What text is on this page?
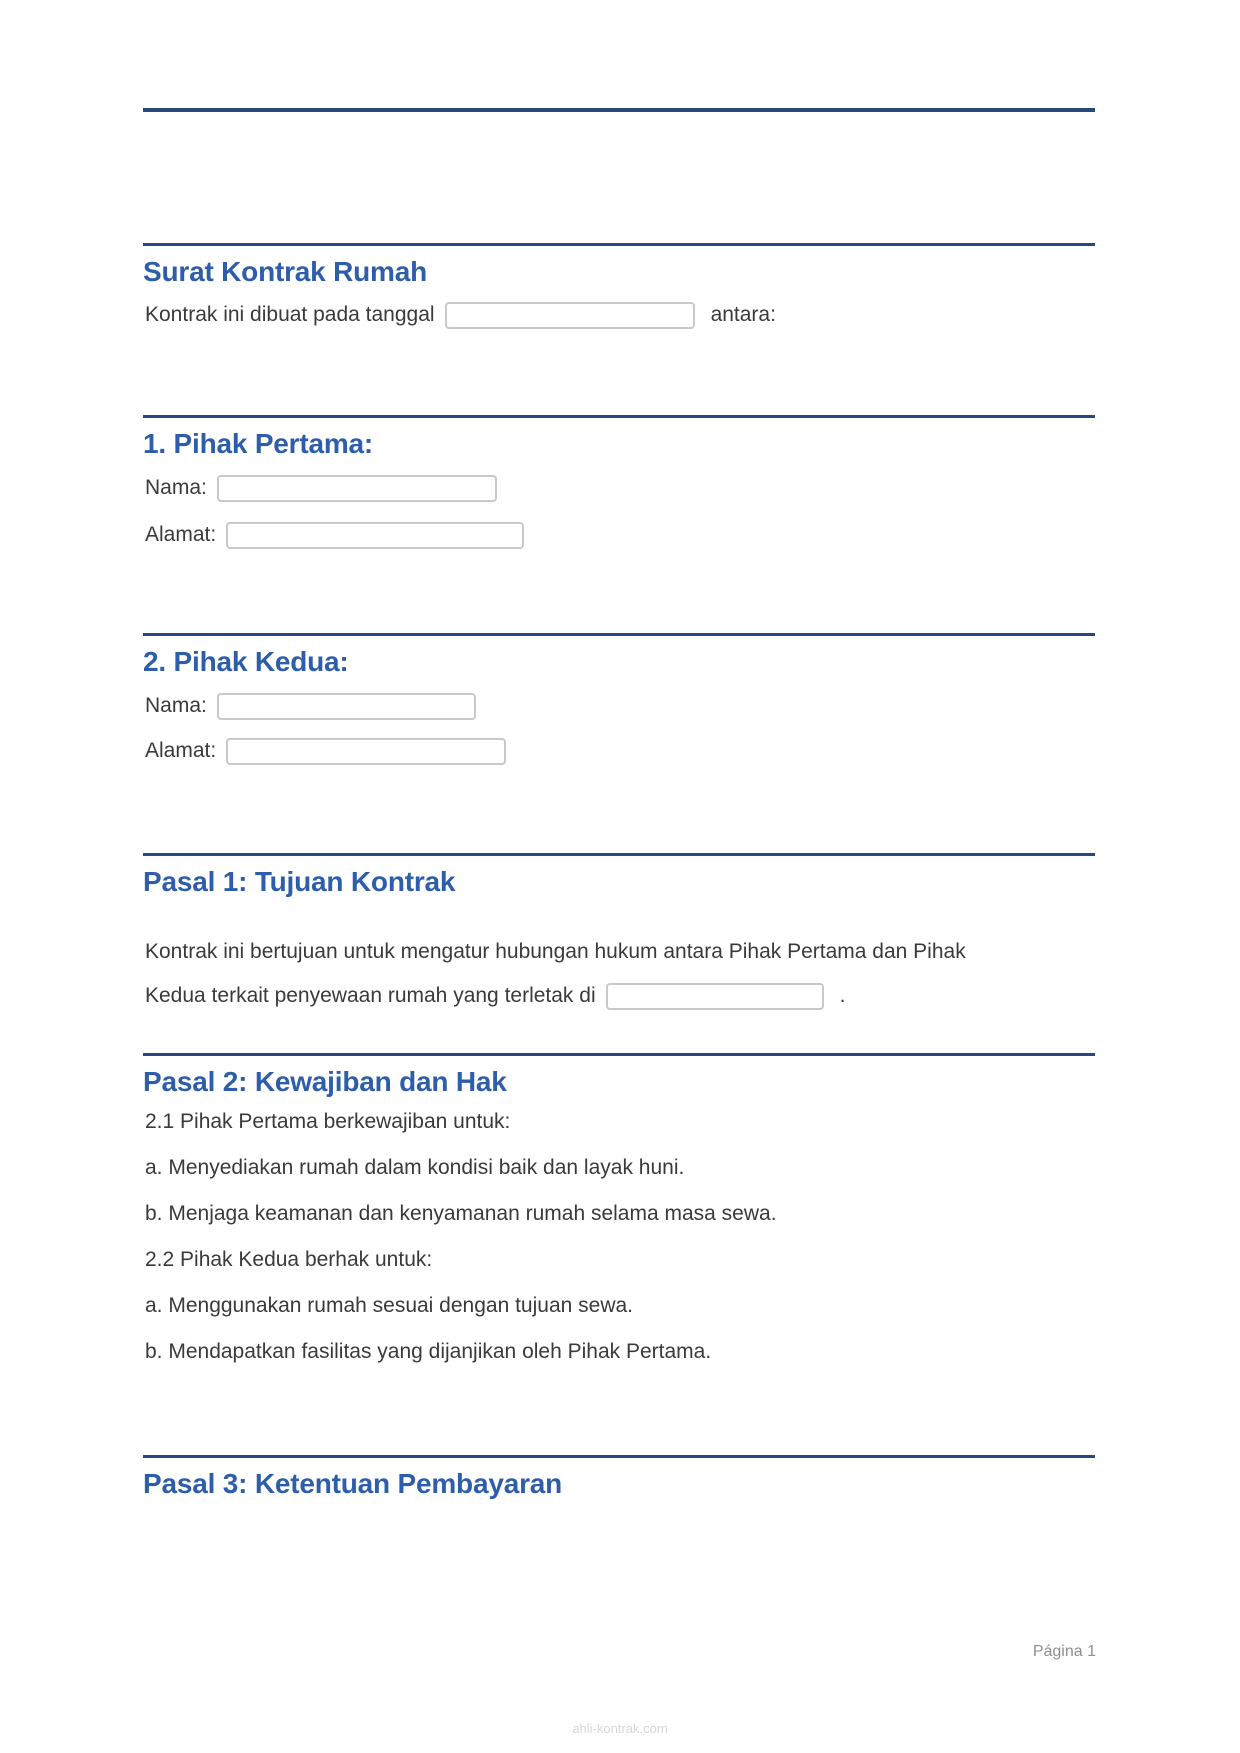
Surat Kontrak Rumah
Kontrak ini dibuat pada tanggal	antara:
1. Pihak Pertama:
Nama:
Alamat:
2. Pihak Kedua:
Nama:
Alamat:
Pasal 1: Tujuan Kontrak

Kontrak ini bertujuan untuk mengatur hubungan hukum antara Pihak Pertama dan Pihak

Kedua terkait penyewaan rumah yang terletak di	.
Pasal 2: Kewajiban dan Hak

2.1 Pihak Pertama berkewajiban untuk:

a. Menyediakan rumah dalam kondisi baik dan layak huni.

b. Menjaga keamanan dan kenyamanan rumah selama masa sewa.

2.2 Pihak Kedua berhak untuk:

a. Menggunakan rumah sesuai dengan tujuan sewa.

b. Mendapatkan fasilitas yang dijanjikan oleh Pihak Pertama.

Pasal 3: Ketentuan Pembayaran
Página 1
ahli-kontrak.com
